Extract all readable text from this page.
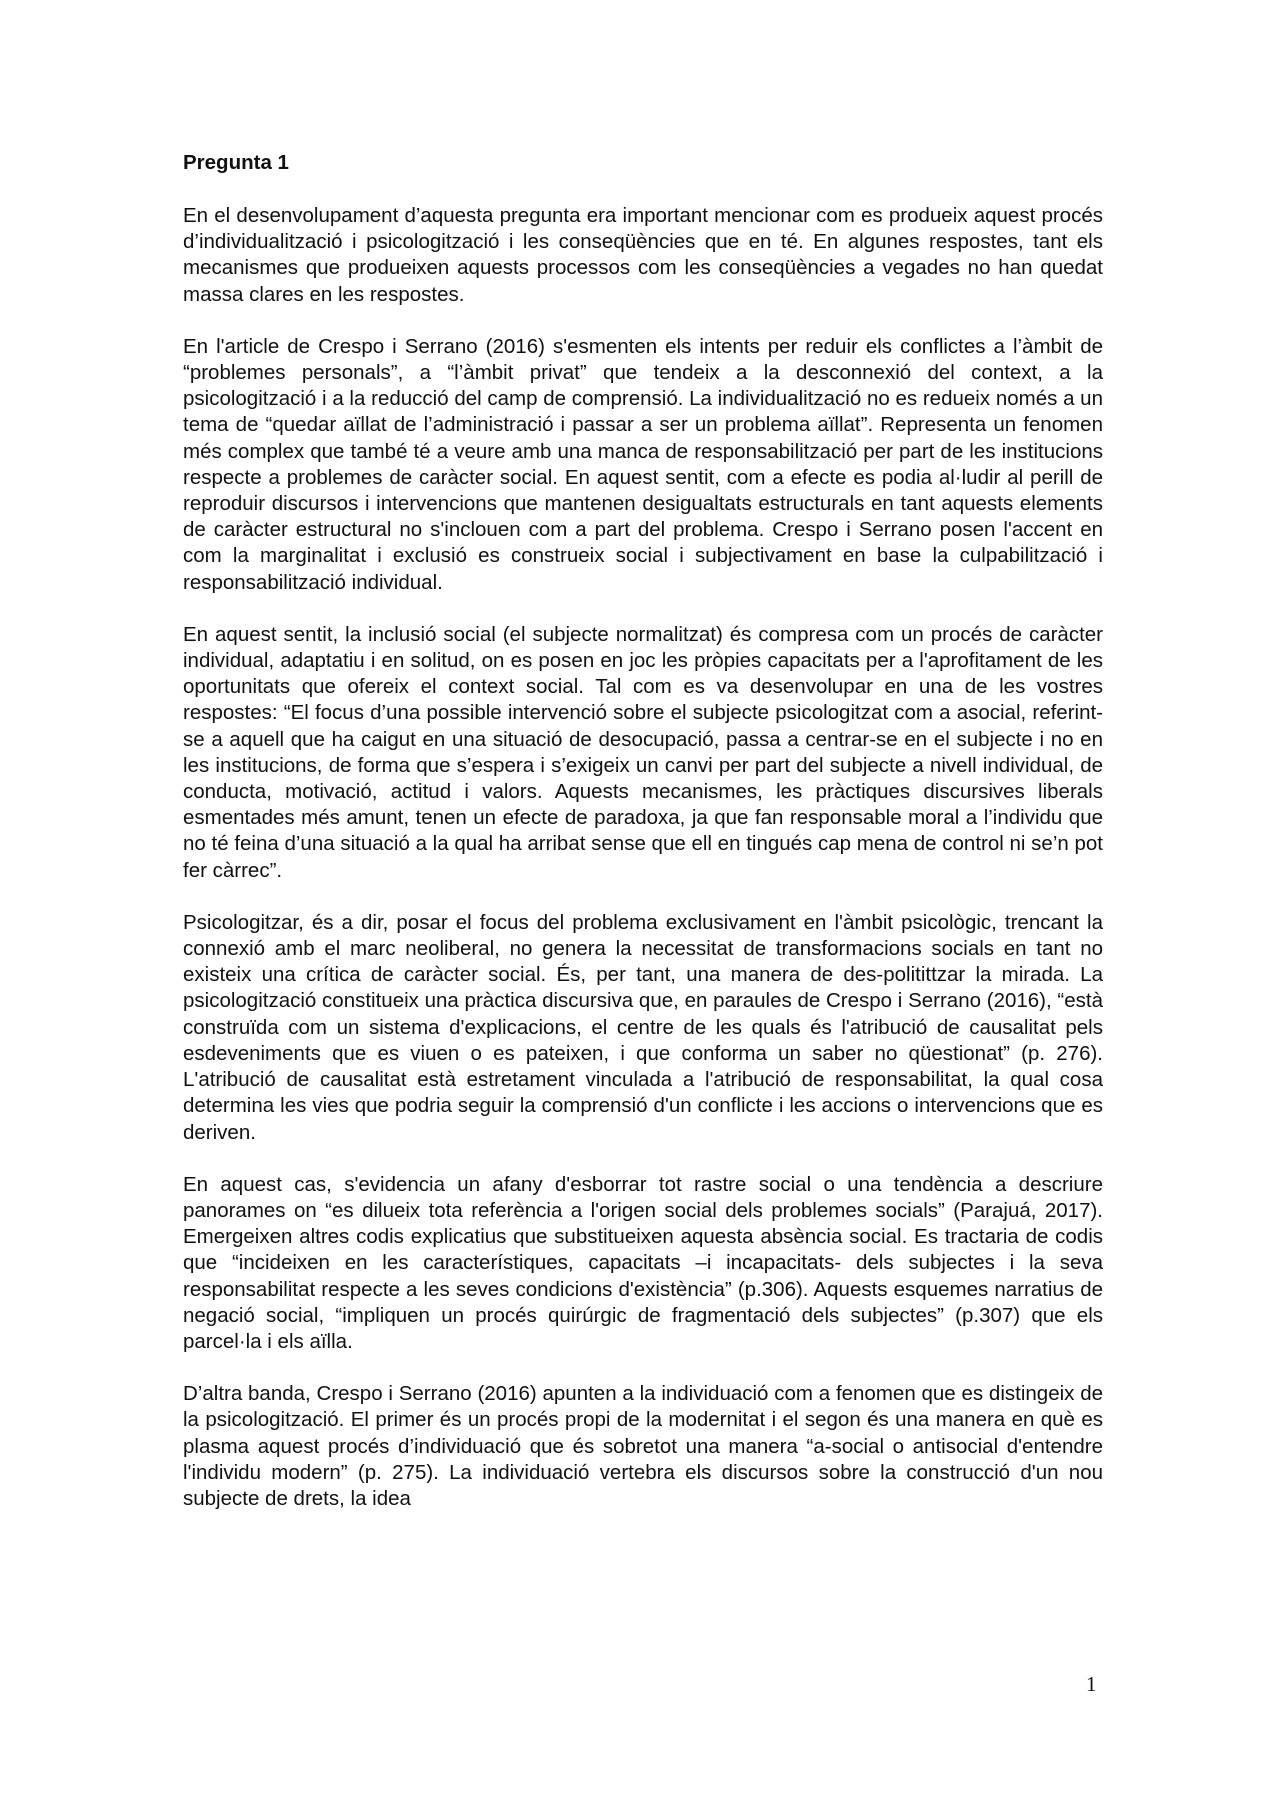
Pregunta 1

En el desenvolupament d’aquesta pregunta era important mencionar com es produeix aquest procés d’individualització i psicologització i les conseqüències que en té. En algunes respostes, tant els mecanismes que produeixen aquests processos com les conseqüències a vegades no han quedat massa clares en les respostes.

En l'article de Crespo i Serrano (2016) s'esmenten els intents per reduir els conflictes a l’àmbit de “problemes personals”, a “l’àmbit privat” que tendeix a la desconnexió del context, a la psicologització i a la reducció del camp de comprensió. La individualització no es redueix només a un tema de “quedar aïllat de l’administració i passar a ser un problema aïllat”. Representa un fenomen més complex que també té a veure amb una manca de responsabilització per part de les institucions respecte a problemes de caràcter social. En aquest sentit, com a efecte es podia al·ludir al perill de reproduir discursos i intervencions que mantenen desigualtats estructurals en tant aquests elements de caràcter estructural no s'inclouen com a part del problema. Crespo i Serrano posen l'accent en com la marginalitat i exclusió es construeix social i subjectivament en base la culpabilització i responsabilització individual.

En aquest sentit, la inclusió social (el subjecte normalitzat) és compresa com un procés de caràcter individual, adaptatiu i en solitud, on es posen en joc les pròpies capacitats per a l'aprofitament de les oportunitats que ofereix el context social. Tal com es va desenvolupar en una de les vostres respostes: “El focus d’una possible intervenció sobre el subjecte psicologitzat com a asocial, referint-se a aquell que ha caigut en una situació de desocupació, passa a centrar-se en el subjecte i no en les institucions, de forma que s’espera i s’exigeix un canvi per part del subjecte a nivell individual, de conducta, motivació, actitud i valors. Aquests mecanismes, les pràctiques discursives liberals esmentades més amunt, tenen un efecte de paradoxa, ja que fan responsable moral a l’individu que no té feina d’una situació a la qual ha arribat sense que ell en tingués cap mena de control ni se’n pot fer càrrec”.

Psicologitzar, és a dir, posar el focus del problema exclusivament en l'àmbit psicològic, trencant la connexió amb el marc neoliberal, no genera la necessitat de transformacions socials en tant no existeix una crítica de caràcter social. És, per tant, una manera de des-politittzar la mirada. La psicologització constitueix una pràctica discursiva que, en paraules de Crespo i Serrano (2016), “està construïda com un sistema d'explicacions, el centre de les quals és l'atribució de causalitat pels esdeveniments que es viuen o es pateixen, i que conforma un saber no qüestionat” (p. 276). L'atribució de causalitat està estretament vinculada a l'atribució de responsabilitat, la qual cosa determina les vies que podria seguir la comprensió d'un conflicte i les accions o intervencions que es deriven.

En aquest cas, s'evidencia un afany d'esborrar tot rastre social o una tendència a descriure panorames on “es dilueix tota referència a l'origen social dels problemes socials” (Parajuá, 2017). Emergeixen altres codis explicatius que substitueixen aquesta absència social. Es tractaria de codis que “incideixen en les característiques, capacitats –i incapacitats- dels subjectes i la seva responsabilitat respecte a les seves condicions d'existència” (p.306). Aquests esquemes narratius de negació social, “impliquen un procés quirúrgic de fragmentació dels subjectes” (p.307) que els parcel·la i els aïlla.

D’altra banda, Crespo i Serrano (2016) apunten a la individuació com a fenomen que es distingeix de la psicologització. El primer és un procés propi de la modernitat i el segon és una manera en què es plasma aquest procés d’individuació que és sobretot una manera “a-social o antisocial d'entendre l'individu modern” (p. 275). La individuació vertebra els discursos sobre la construcció d'un nou subjecte de drets, la idea

1
